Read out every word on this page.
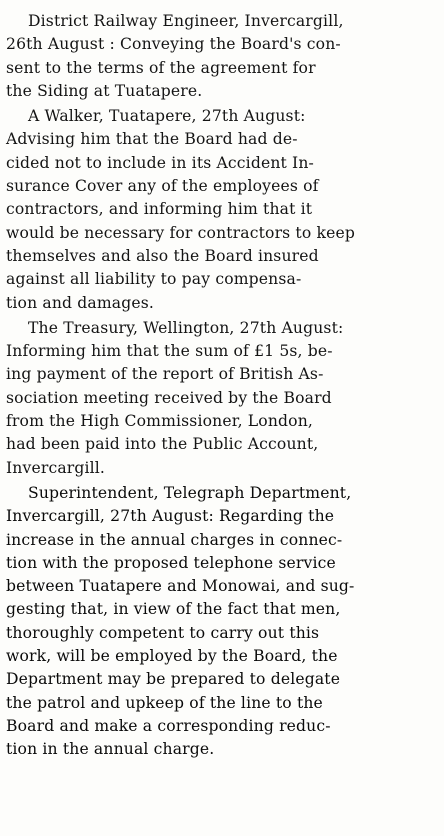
District Railway Engineer, Invercargill,
26th August : Conveying the Board's con-
sent to the terms of the agreement for
the Siding at Tuatapere.

A Walker, Tuatapere, 27th August:
Advising him that the Board had de-
cided not to include in its Accident In-
surance Cover any of the employees of
contractors, and informing him that it
would be necessary for contractors to keep
themselves and also the Board insured
against all liability to pay compensa-
tion and damages.

The Treasury, Wellington, 27th August:
Informing him that the sum of £1 5s, be-
ing payment of the report of British As-
sociation meeting received by the Board
from the High Commissioner, London,
had been paid into the Public Account,
Invercargill.

Superintendent, Telegraph Department,
Invercargill, 27th August: Regarding the
increase in the annual charges in connec-
tion with the proposed telephone service
between Tuatapere and Monowai, and sug-
gesting that, in view of the fact that men,
thoroughly competent to carry out this
work, will be employed by the Board, the
Department may be prepared to delegate
the patrol and upkeep of the line to the
Board and make a corresponding reduc-
tion in the annual charge.
